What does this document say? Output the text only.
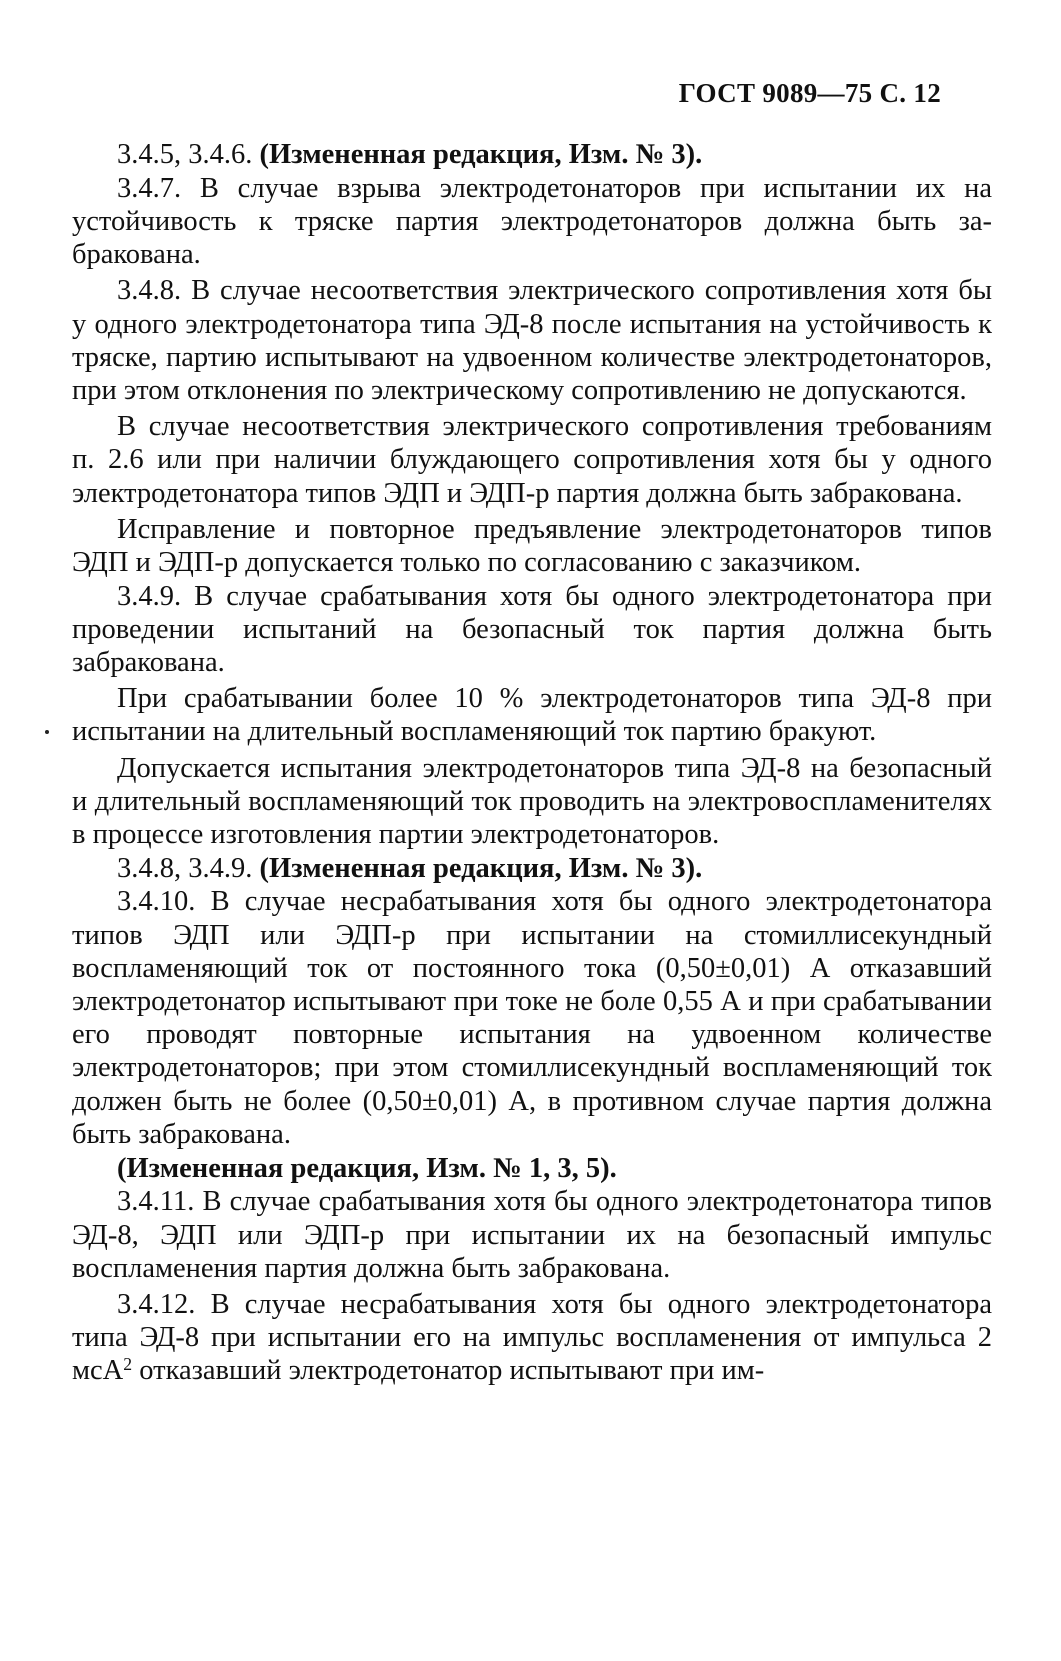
ГОСТ 9089—75 С. 12

3.4.5, 3.4.6. (Измененная редакция, Изм. № 3).

3.4.7. В случае взрыва электродетонаторов при испытании их на устойчивость к тряске партия электродетонаторов должна быть забракована.

3.4.8. В случае несоответствия электрического сопротивления хотя бы у одного электродетонатора типа ЭД-8 после испытания на устойчивость к тряске, партию испытывают на удвоенном количестве электродетонаторов, при этом отклонения по электрическому сопротивлению не допускаются.

В случае несоответствия электрического сопротивления требованиям п. 2.6 или при наличии блуждающего сопротивления хотя бы у одного электродетонатора типов ЭДП и ЭДП-р партия должна быть забракована.

Исправление и повторное предъявление электродетонаторов типов ЭДП и ЭДП-р допускается только по согласованию с заказчиком.

3.4.9. В случае срабатывания хотя бы одного электродетонатора при проведении испытаний на безопасный ток партия должна быть забракована.

При срабатывании более 10 % электродетонаторов типа ЭД-8 при испытании на длительный воспламеняющий ток партию бракуют.

Допускается испытания электродетонаторов типа ЭД-8 на безопасный и длительный воспламеняющий ток проводить на электровоспламенителях в процессе изготовления партии электродетонаторов.

3.4.8, 3.4.9. (Измененная редакция, Изм. № 3).

3.4.10. В случае несрабатывания хотя бы одного электродетонатора типов ЭДП или ЭДП-р при испытании на стомиллисекундный воспламеняющий ток от постоянного тока (0,50±0,01) А отказавший электродетонатор испытывают при токе не боле 0,55 А и при срабатывании его проводят повторные испытания на удвоенном количестве электродетонаторов; при этом стомиллисекундный воспламеняющий ток должен быть не более (0,50±0,01) А, в противном случае партия должна быть забракована.

(Измененная редакция, Изм. № 1, 3, 5).

3.4.11. В случае срабатывания хотя бы одного электродетонатора типов ЭД-8, ЭДП или ЭДП-р при испытании их на безопасный импульс воспламенения партия должна быть забракована.

3.4.12. В случае несрабатывания хотя бы одного электродетонатора типа ЭД-8 при испытании его на импульс воспламенения от импульса 2 мсА$^2$ отказавший электродетонатор испытывают при им-
